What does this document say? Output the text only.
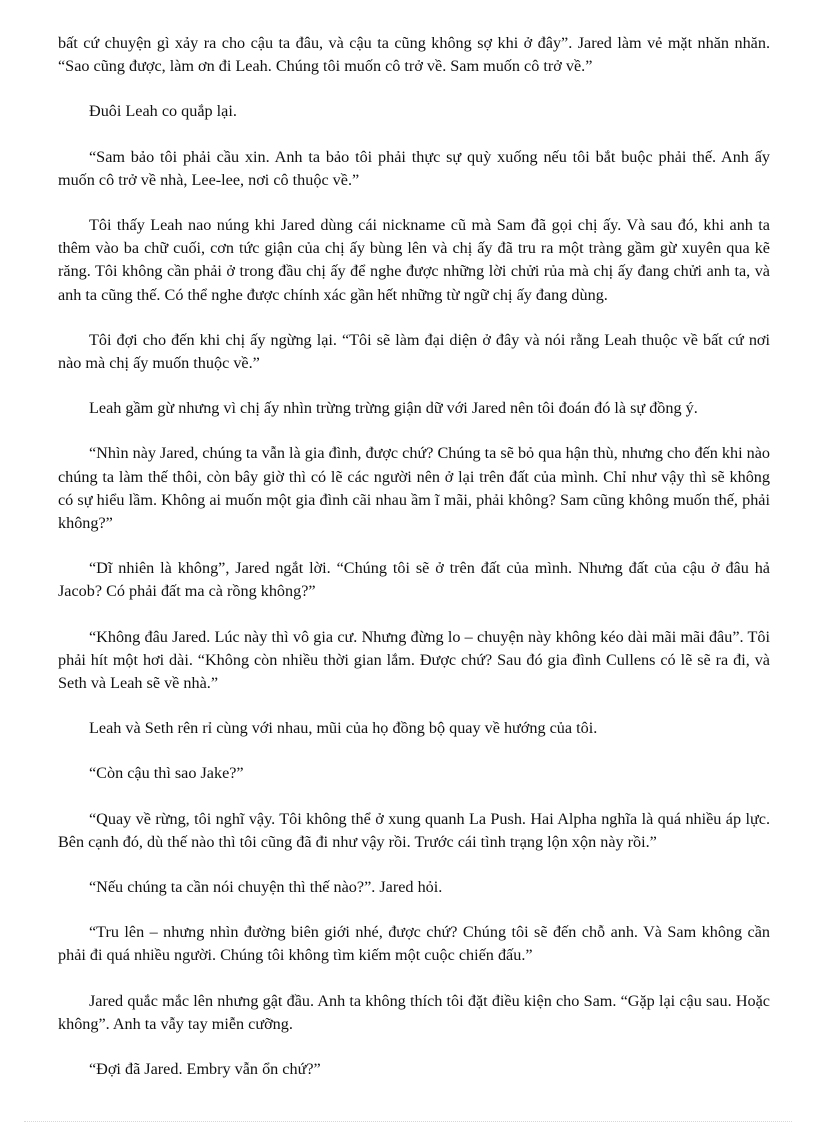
bất cứ chuyện gì xảy ra cho cậu ta đâu, và cậu ta cũng không sợ khi ở đây”. Jared làm vẻ mặt nhăn nhăn. “Sao cũng được, làm ơn đi Leah. Chúng tôi muốn cô trở về. Sam muốn cô trở về.”

Đuôi Leah co quắp lại.

“Sam bảo tôi phải cầu xin. Anh ta bảo tôi phải thực sự quỳ xuống nếu tôi bắt buộc phải thế. Anh ấy muốn cô trở về nhà, Lee-lee, nơi cô thuộc về.”

Tôi thấy Leah nao núng khi Jared dùng cái nickname cũ mà Sam đã gọi chị ấy. Và sau đó, khi anh ta thêm vào ba chữ cuối, cơn tức giận của chị ấy bùng lên và chị ấy đã tru ra một tràng gầm gừ xuyên qua kẽ răng. Tôi không cần phải ở trong đầu chị ấy để nghe được những lời chửi rủa mà chị ấy đang chửi anh ta, và anh ta cũng thế. Có thể nghe được chính xác gần hết những từ ngữ chị ấy đang dùng.

Tôi đợi cho đến khi chị ấy ngừng lại. “Tôi sẽ làm đại diện ở đây và nói rằng Leah thuộc về bất cứ nơi nào mà chị ấy muốn thuộc về.”

Leah gầm gừ nhưng vì chị ấy nhìn trừng trừng giận dữ với Jared nên tôi đoán đó là sự đồng ý.

“Nhìn này Jared, chúng ta vẫn là gia đình, được chứ? Chúng ta sẽ bỏ qua hận thù, nhưng cho đến khi nào chúng ta làm thế thôi, còn bây giờ thì có lẽ các người nên ở lại trên đất của mình. Chỉ như vậy thì sẽ không có sự hiểu lầm. Không ai muốn một gia đình cãi nhau ầm ĩ mãi, phải không? Sam cũng không muốn thế, phải không?”

“Dĩ nhiên là không”, Jared ngắt lời. “Chúng tôi sẽ ở trên đất của mình. Nhưng đất của cậu ở đâu hả Jacob? Có phải đất ma cà rồng không?”

“Không đâu Jared. Lúc này thì vô gia cư. Nhưng đừng lo – chuyện này không kéo dài mãi mãi đâu”. Tôi phải hít một hơi dài. “Không còn nhiều thời gian lắm. Được chứ? Sau đó gia đình Cullens có lẽ sẽ ra đi, và Seth và Leah sẽ về nhà.”

Leah và Seth rên rỉ cùng với nhau, mũi của họ đồng bộ quay về hướng của tôi.

“Còn cậu thì sao Jake?”

“Quay về rừng, tôi nghĩ vậy. Tôi không thể ở xung quanh La Push. Hai Alpha nghĩa là quá nhiều áp lực. Bên cạnh đó, dù thế nào thì tôi cũng đã đi như vậy rồi. Trước cái tình trạng lộn xộn này rồi.”

“Nếu chúng ta cần nói chuyện thì thế nào?”. Jared hỏi.

“Tru lên – nhưng nhìn đường biên giới nhé, được chứ? Chúng tôi sẽ đến chỗ anh. Và Sam không cần phải đi quá nhiều người. Chúng tôi không tìm kiếm một cuộc chiến đấu.”

Jared quắc mắc lên nhưng gật đầu. Anh ta không thích tôi đặt điều kiện cho Sam. “Gặp lại cậu sau. Hoặc không”. Anh ta vẫy tay miễn cưỡng.

“Đợi đã Jared. Embry vẫn ổn chứ?”
